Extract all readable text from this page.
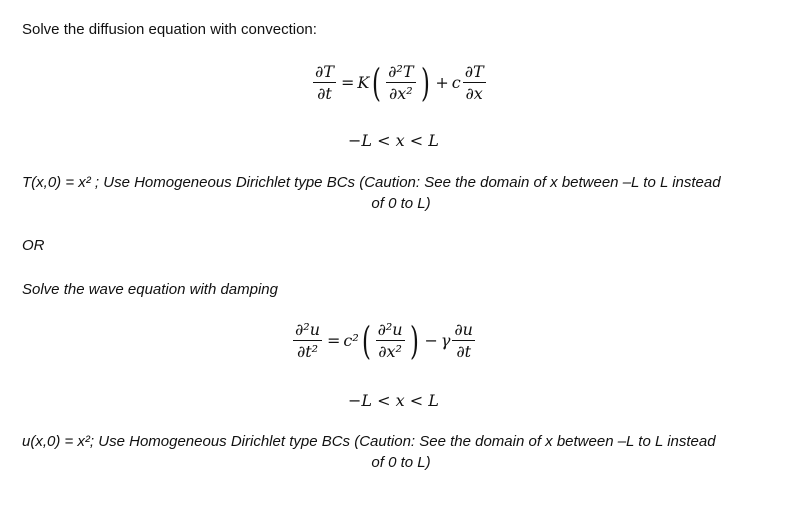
Solve the diffusion equation with convection:
$\frac{\partial T}{\partial t} = K( \frac{\text{∂²T}}{\text{∂x²}}$ ) + c $\frac{\partial T}{\partial x}$
−L < x < L
T(x,0) = x² ; Use Homogeneous Dirichlet type BCs (Caution: See the domain of x between –L to L instead
of 0 to L)
OR
Solve the wave equation with damping
$\frac{\text{∂²u}}{\text{∂t²}} = c^2( \frac{\text{∂²u}}{\text{∂x²}}$ ) − γ $\frac{\partial u}{\partial t}$
−L < x < L
u(x,0) = x²; Use Homogeneous Dirichlet type BCs (Caution: See the domain of x between –L to L instead
of 0 to L)
